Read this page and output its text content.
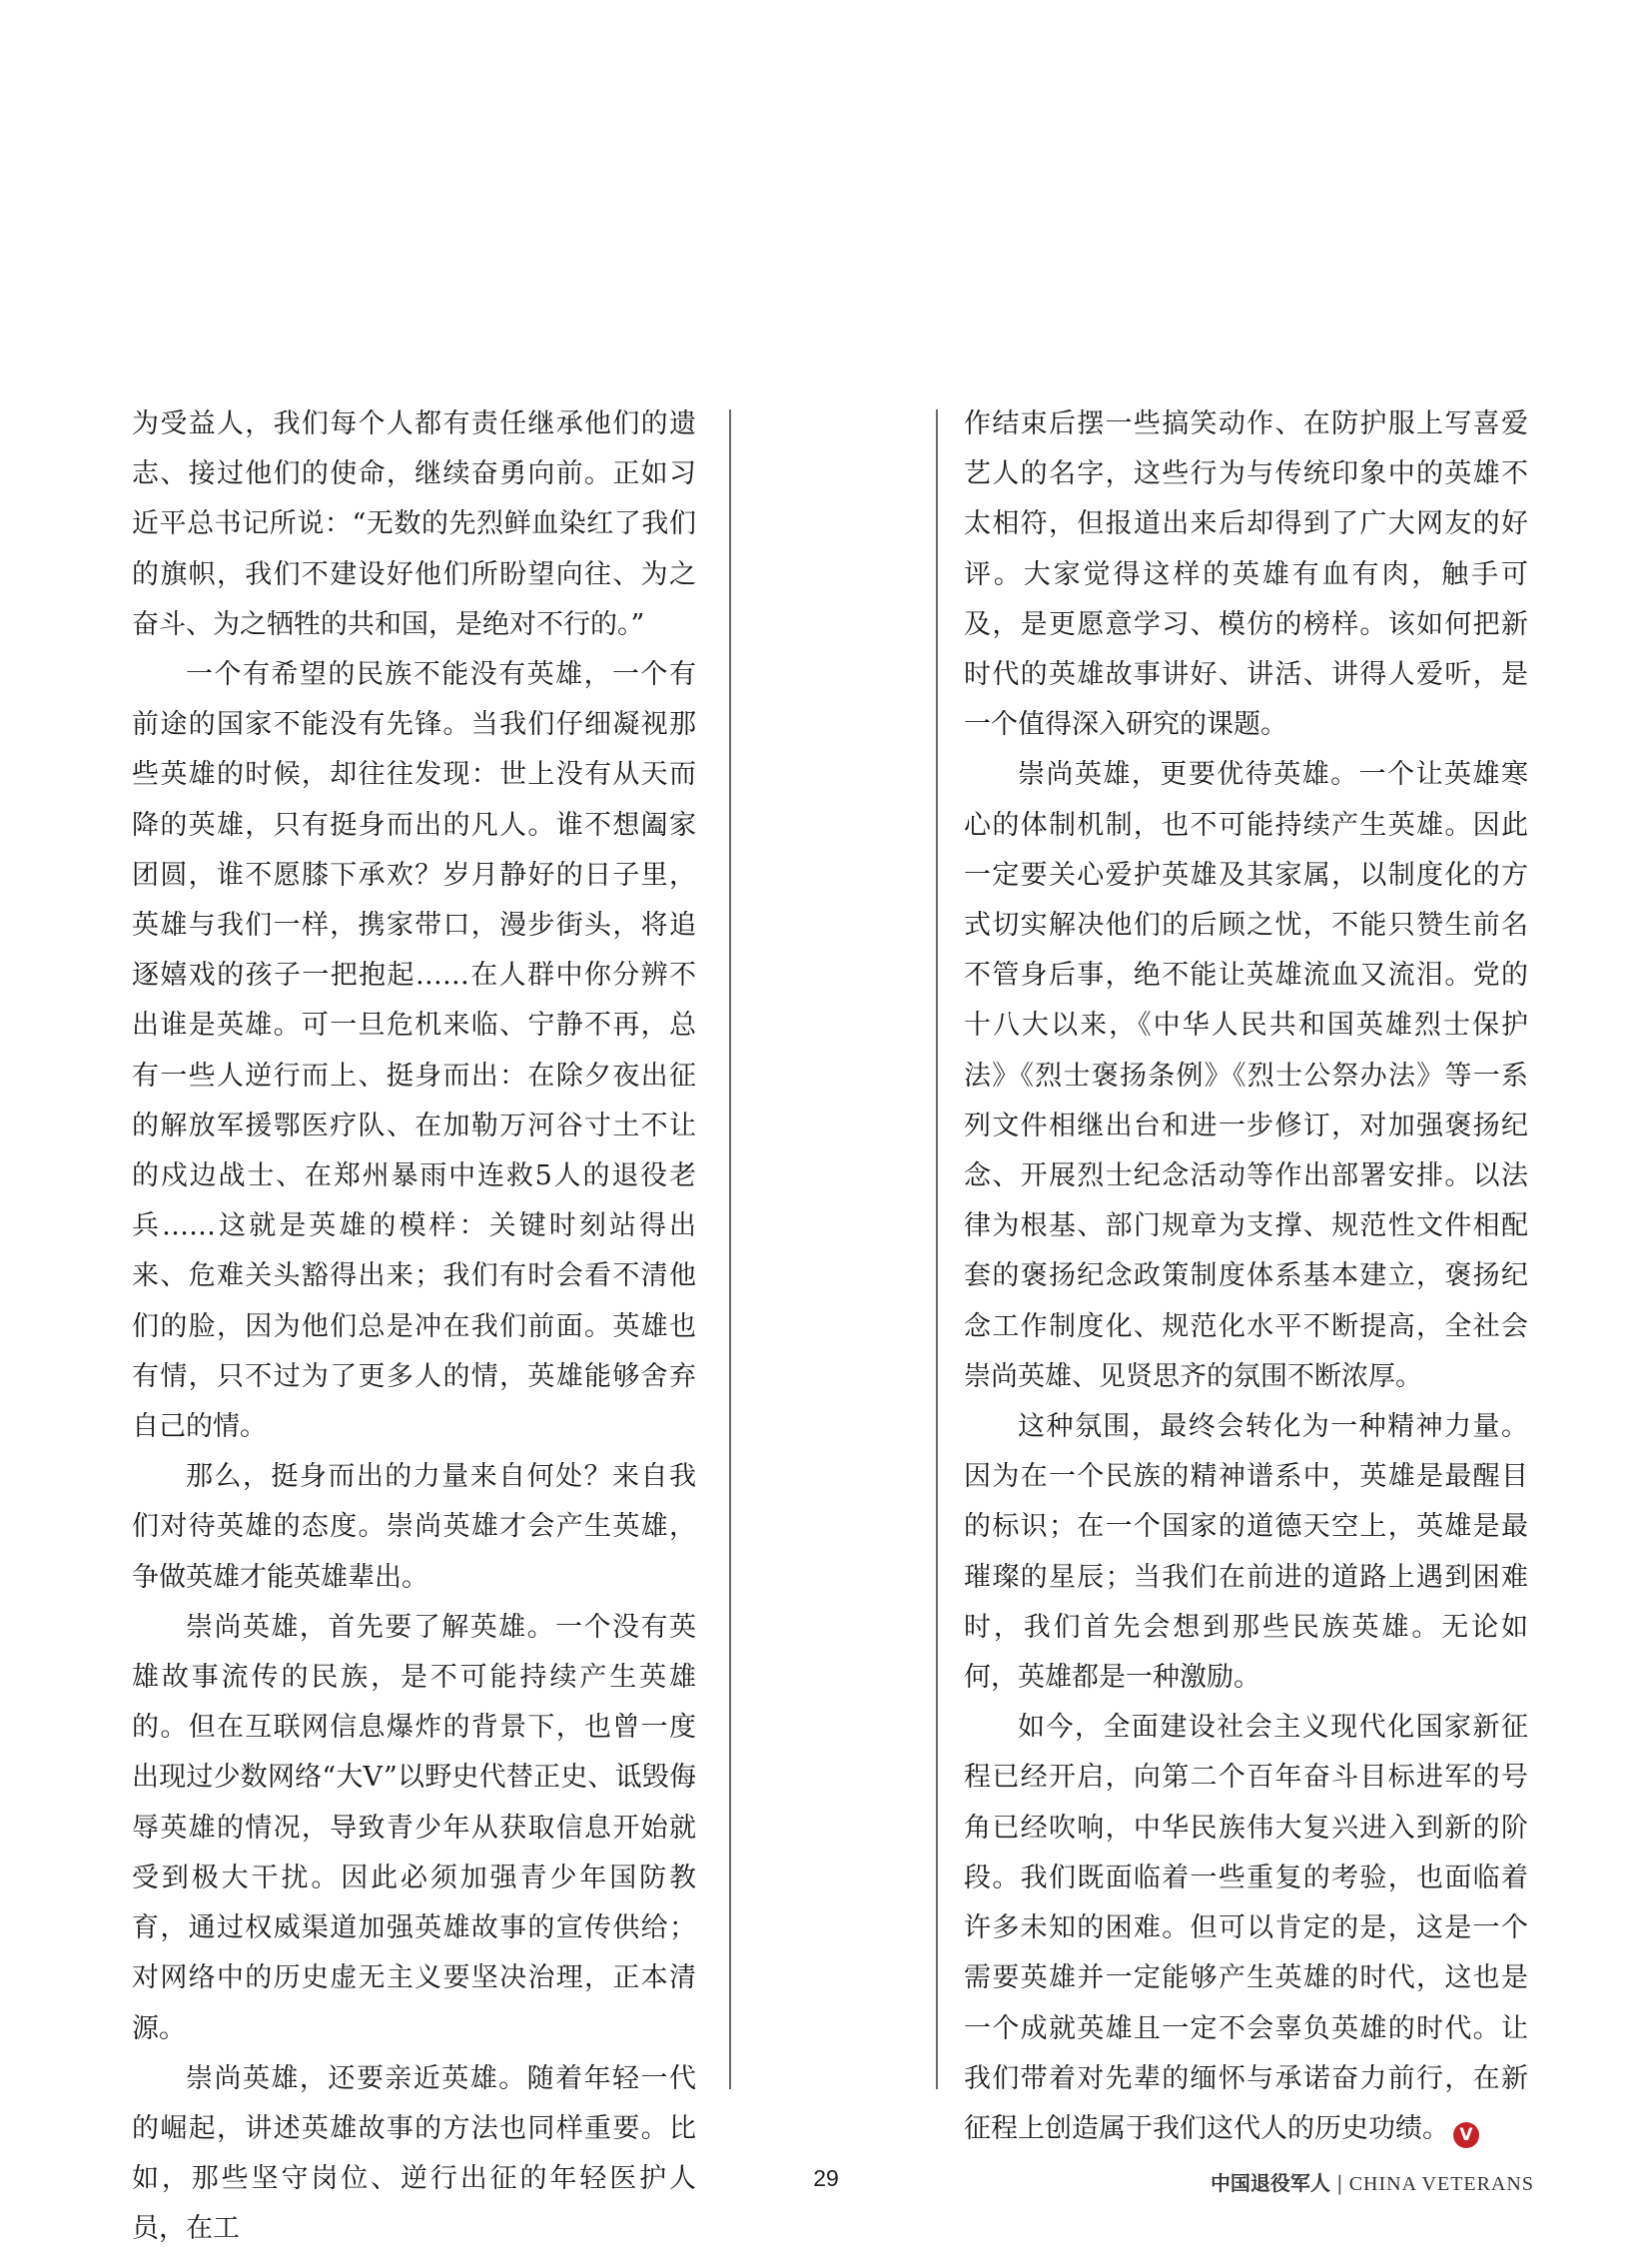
为受益人，我们每个人都有责任继承他们的遗志、接过他们的使命，继续奋勇向前。正如习近平总书记所说：“无数的先烈鲜血染红了我们的旗帜，我们不建设好他们所盼望向往、为之奋斗、为之牺牲的共和国，是绝对不行的。”

一个有希望的民族不能没有英雄，一个有前途的国家不能没有先锋。当我们仔细凝视那些英雄的时候，却往往发现：世上没有从天而降的英雄，只有挺身而出的凡人。谁不想阖家团圆，谁不愿膝下承欢？岁月静好的日子里，英雄与我们一样，携家带口，漫步街头，将追逐嬉戏的孩子一把抱起……在人群中你分辨不出谁是英雄。可一旦危机来临、宁静不再，总有一些人逆行而上、挺身而出：在除夕夜出征的解放军援鄂医疗队、在加勒万河谷寸土不让的戍边战士、在郑州暴雨中连救5人的退役老兵……这就是英雄的模样：关键时刻站得出来、危难关头豁得出来；我们有时会看不清他们的脸，因为他们总是冲在我们前面。英雄也有情，只不过为了更多人的情，英雄能够舍弃自己的情。

那么，挺身而出的力量来自何处？来自我们对待英雄的态度。崇尚英雄才会产生英雄，争做英雄才能英雄辈出。

崇尚英雄，首先要了解英雄。一个没有英雄故事流传的民族，是不可能持续产生英雄的。但在互联网信息爆炸的背景下，也曾一度出现过少数网络“大V”以野史代替正史、诋毁侮辱英雄的情况，导致青少年从获取信息开始就受到极大干扰。因此必须加强青少年国防教育，通过权威渠道加强英雄故事的宣传供给；对网络中的历史虚无主义要坚决治理，正本清源。

崇尚英雄，还要亲近英雄。随着年轻一代的崛起，讲述英雄故事的方法也同样重要。比如，那些坚守岗位、逆行出征的年轻医护人员，在工

作结束后摆一些搞笑动作、在防护服上写喜爱艺人的名字，这些行为与传统印象中的英雄不太相符，但报道出来后却得到了广大网友的好评。大家觉得这样的英雄有血有肉，触手可及，是更愿意学习、模仿的榜样。该如何把新时代的英雄故事讲好、讲活、讲得人爱听，是一个值得深入研究的课题。

崇尚英雄，更要优待英雄。一个让英雄寒心的体制机制，也不可能持续产生英雄。因此一定要关心爱护英雄及其家属，以制度化的方式切实解决他们的后顾之忧，不能只赞生前名不管身后事，绝不能让英雄流血又流泪。党的十八大以来，《中华人民共和国英雄烈士保护法》《烈士褒扬条例》《烈士公祭办法》等一系列文件相继出台和进一步修订，对加强褒扬纪念、开展烈士纪念活动等作出部署安排。以法律为根基、部门规章为支撑、规范性文件相配套的褒扬纪念政策制度体系基本建立，褒扬纪念工作制度化、规范化水平不断提高，全社会崇尚英雄、见贤思齐的氛围不断浓厚。

这种氛围，最终会转化为一种精神力量。因为在一个民族的精神谱系中，英雄是最醒目的标识；在一个国家的道德天空上，英雄是最璀璨的星辰；当我们在前进的道路上遇到困难时，我们首先会想到那些民族英雄。无论如何，英雄都是一种激励。

如今，全面建设社会主义现代化国家新征程已经开启，向第二个百年奋斗目标进军的号角已经吹响，中华民族伟大复兴进入到新的阶段。我们既面临着一些重复的考验，也面临着许多未知的困难。但可以肯定的是，这是一个需要英雄并一定能够产生英雄的时代，这也是一个成就英雄且一定不会辜负英雄的时代。让我们带着对先辈的缅怀与承诺奋力前行，在新征程上创造属于我们这代人的历史功绩。 V

29	中国退役军人 | CHINA VETERANS
